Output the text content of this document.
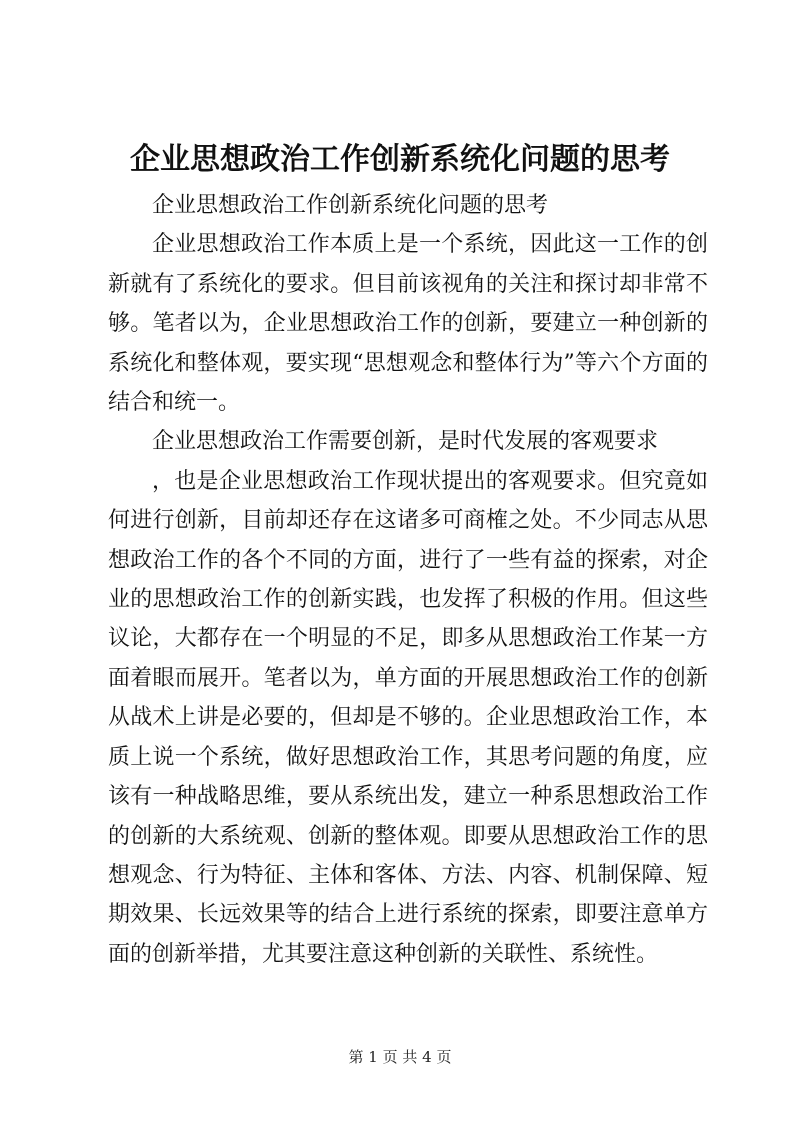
企业思想政治工作创新系统化问题的思考

企业思想政治工作创新系统化问题的思考

企业思想政治工作本质上是一个系统，因此这一工作的创新就有了系统化的要求。但目前该视角的关注和探讨却非常不够。笔者以为，企业思想政治工作的创新，要建立一种创新的系统化和整体观，要实现“思想观念和整体行为”等六个方面的结合和统一。

企业思想政治工作需要创新，是时代发展的客观要求

，也是企业思想政治工作现状提出的客观要求。但究竟如何进行创新，目前却还存在这诸多可商榷之处。不少同志从思想政治工作的各个不同的方面，进行了一些有益的探索，对企业的思想政治工作的创新实践，也发挥了积极的作用。但这些议论，大都存在一个明显的不足，即多从思想政治工作某一方面着眼而展开。笔者以为，单方面的开展思想政治工作的创新从战术上讲是必要的，但却是不够的。企业思想政治工作，本质上说一个系统，做好思想政治工作，其思考问题的角度，应该有一种战略思维，要从系统出发，建立一种系思想政治工作的创新的大系统观、创新的整体观。即要从思想政治工作的思想观念、行为特征、主体和客体、方法、内容、机制保障、短期效果、长远效果等的结合上进行系统的探索，即要注意单方面的创新举措，尤其要注意这种创新的关联性、系统性。

第 1 页 共 4 页
